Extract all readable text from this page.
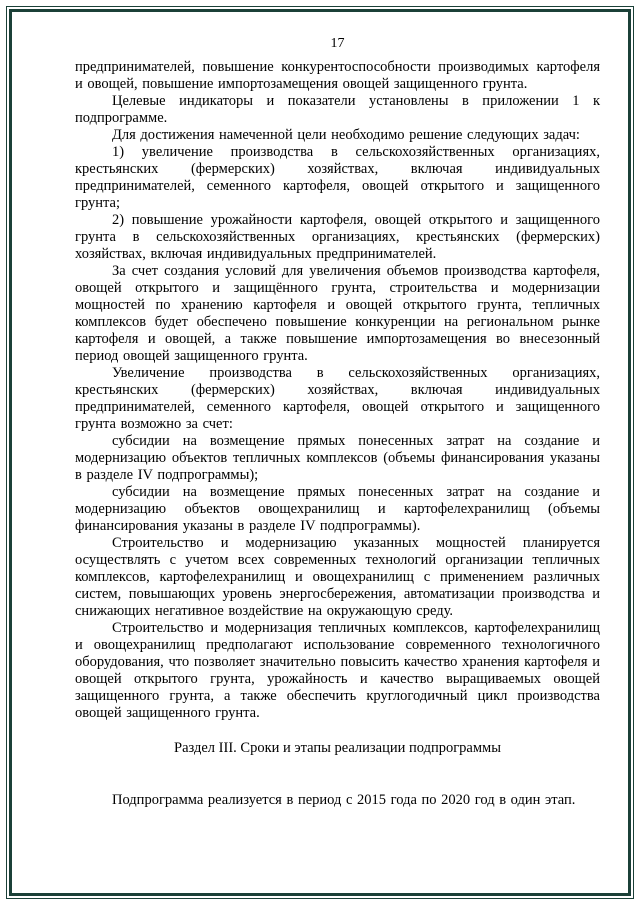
17

предпринимателей, повышение конкурентоспособности производимых картофеля и овощей, повышение импортозамещения овощей защищенного грунта.

Целевые индикаторы и показатели установлены в приложении 1 к подпрограмме.

Для достижения намеченной цели необходимо решение следующих задач:

1) увеличение производства в сельскохозяйственных организациях, крестьянских (фермерских) хозяйствах, включая индивидуальных предпринимателей, семенного картофеля, овощей открытого и защищенного грунта;

2) повышение урожайности картофеля, овощей открытого и защищенного грунта в сельскохозяйственных организациях, крестьянских (фермерских) хозяйствах, включая индивидуальных предпринимателей.

За счет создания условий для увеличения объемов производства картофеля, овощей открытого и защищённого грунта, строительства и модернизации мощностей по хранению картофеля и овощей открытого грунта, тепличных комплексов будет обеспечено повышение конкуренции на региональном рынке картофеля и овощей, а также повышение импортозамещения во внесезонный период овощей защищенного грунта.

Увеличение производства в сельскохозяйственных организациях, крестьянских (фермерских) хозяйствах, включая индивидуальных предпринимателей, семенного картофеля, овощей открытого и защищенного грунта возможно за счет:

субсидии на возмещение прямых понесенных затрат на создание и модернизацию объектов тепличных комплексов (объемы финансирования указаны в разделе IV подпрограммы);

субсидии на возмещение прямых понесенных затрат на создание и модернизацию объектов овощехранилищ и картофелехранилищ (объемы финансирования указаны в разделе IV подпрограммы).

Строительство и модернизацию указанных мощностей планируется осуществлять с учетом всех современных технологий организации тепличных комплексов, картофелехранилищ и овощехранилищ с применением различных систем, повышающих уровень энергосбережения, автоматизации производства и снижающих негативное воздействие на окружающую среду.

Строительство и модернизация тепличных комплексов, картофелехранилищ и овощехранилищ предполагают использование современного технологичного оборудования, что позволяет значительно повысить качество хранения картофеля и овощей открытого грунта, урожайность и качество выращиваемых овощей защищенного грунта, а также обеспечить круглогодичный цикл производства овощей защищенного грунта.

Раздел III. Сроки и этапы реализации подпрограммы

Подпрограмма реализуется в период с 2015 года по 2020 год в один этап.
